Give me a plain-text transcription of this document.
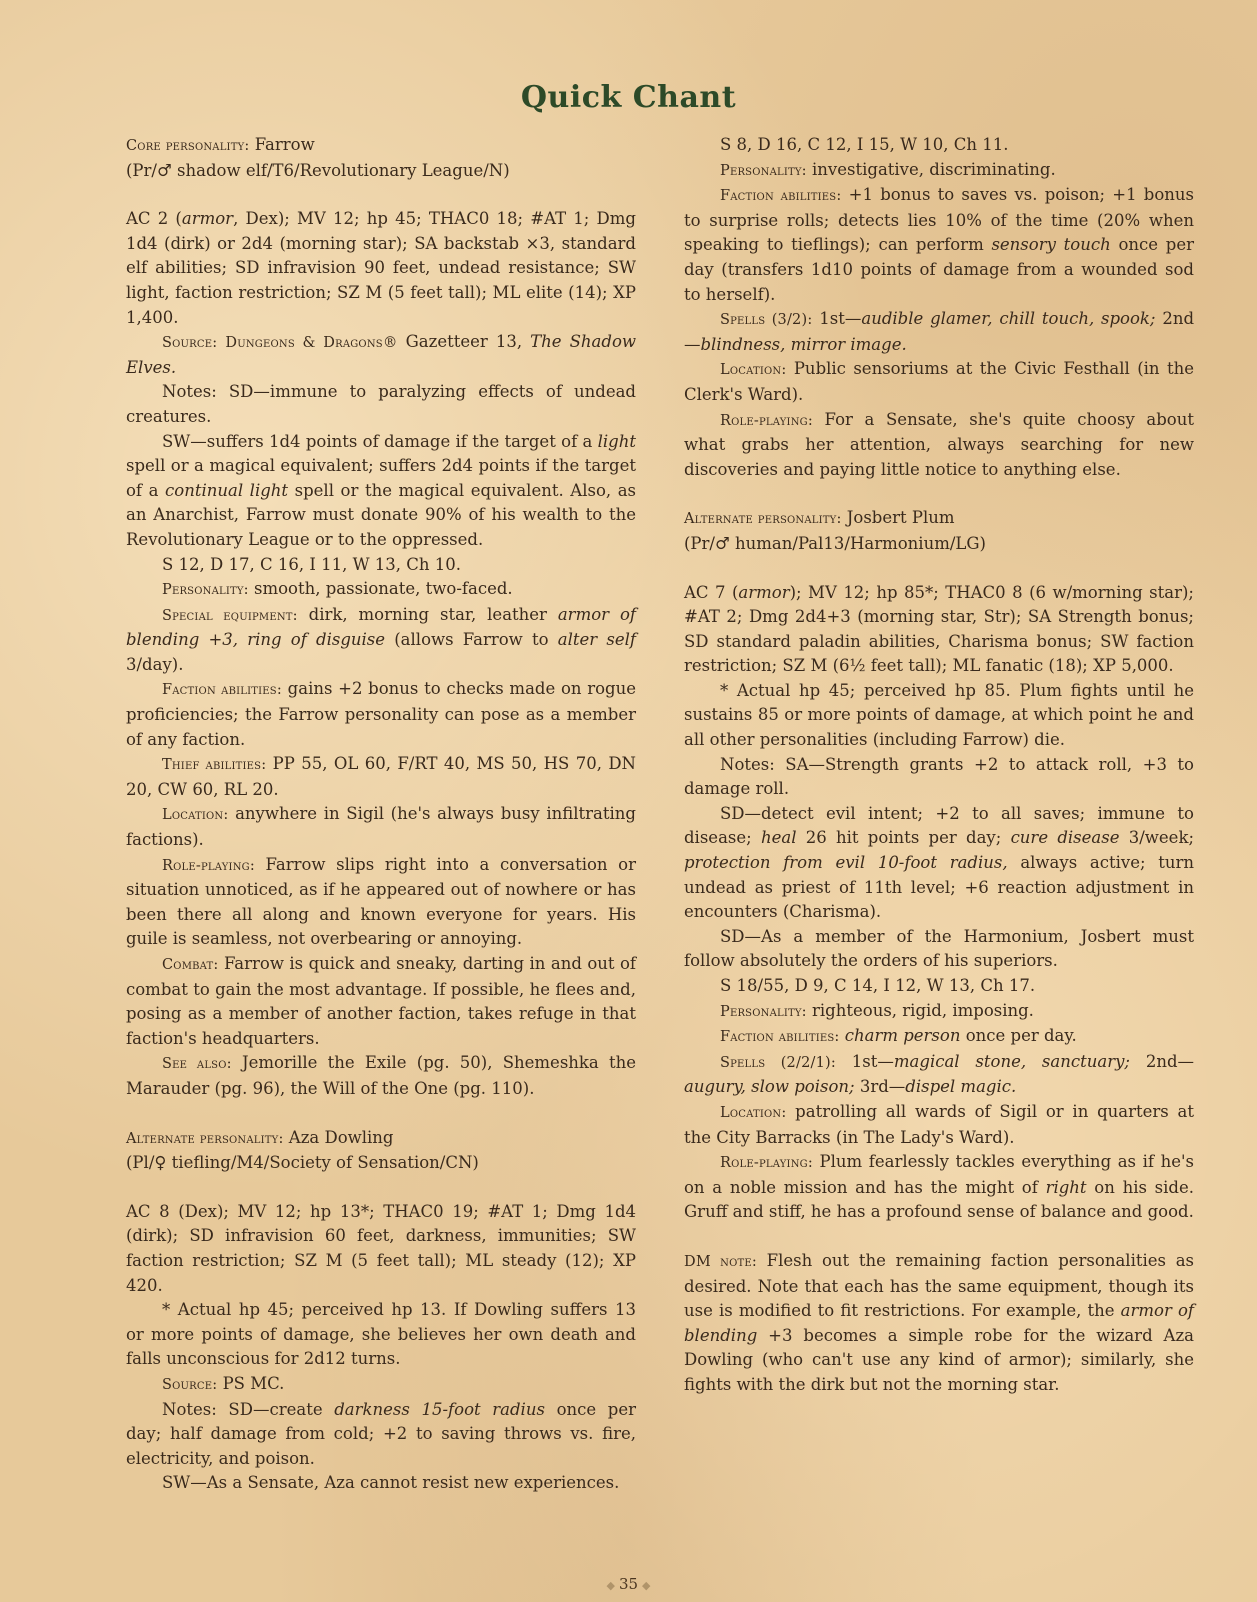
Quick Chant

Core personality: Farrow

(Pr/♂ shadow elf/T6/Revolutionary League/N)

AC 2 (armor, Dex); MV 12; hp 45; THAC0 18; #AT 1; Dmg 1d4 (dirk) or 2d4 (morning star); SA backstab ×3, standard elf abilities; SD infravision 90 feet, undead resistance; SW light, faction restriction; SZ M (5 feet tall); ML elite (14); XP 1,400.

Source: Dungeons & Dragons® Gazetteer 13, The Shadow Elves.

Notes: SD—immune to paralyzing effects of undead creatures.

SW—suffers 1d4 points of damage if the target of a light spell or a magical equivalent; suffers 2d4 points if the target of a continual light spell or the magical equivalent. Also, as an Anarchist, Farrow must donate 90% of his wealth to the Revolutionary League or to the oppressed.

S 12, D 17, C 16, I 11, W 13, Ch 10.

Personality: smooth, passionate, two-faced.

Special equipment: dirk, morning star, leather armor of blending +3, ring of disguise (allows Farrow to alter self 3/day).

Faction abilities: gains +2 bonus to checks made on rogue proficiencies; the Farrow personality can pose as a member of any faction.

Thief abilities: PP 55, OL 60, F/RT 40, MS 50, HS 70, DN 20, CW 60, RL 20.

Location: anywhere in Sigil (he's always busy infiltrating factions).

Role-playing: Farrow slips right into a conversation or situation unnoticed, as if he appeared out of nowhere or has been there all along and known everyone for years. His guile is seamless, not overbearing or annoying.

Combat: Farrow is quick and sneaky, darting in and out of combat to gain the most advantage. If possible, he flees and, posing as a member of another faction, takes refuge in that faction's headquarters.

See also: Jemorille the Exile (pg. 50), Shemeshka the Marauder (pg. 96), the Will of the One (pg. 110).

Alternate personality: Aza Dowling

(Pl/♀ tiefling/M4/Society of Sensation/CN)

AC 8 (Dex); MV 12; hp 13*; THAC0 19; #AT 1; Dmg 1d4 (dirk); SD infravision 60 feet, darkness, immunities; SW faction restriction; SZ M (5 feet tall); ML steady (12); XP 420.

* Actual hp 45; perceived hp 13. If Dowling suffers 13 or more points of damage, she believes her own death and falls unconscious for 2d12 turns.

Source: PS MC.

Notes: SD—create darkness 15-foot radius once per day; half damage from cold; +2 to saving throws vs. fire, electricity, and poison.

SW—As a Sensate, Aza cannot resist new experiences.

S 8, D 16, C 12, I 15, W 10, Ch 11.

Personality: investigative, discriminating.

Faction abilities: +1 bonus to saves vs. poison; +1 bonus to surprise rolls; detects lies 10% of the time (20% when speaking to tieflings); can perform sensory touch once per day (transfers 1d10 points of damage from a wounded sod to herself).

Spells (3/2): 1st—audible glamer, chill touch, spook; 2nd—blindness, mirror image.

Location: Public sensoriums at the Civic Festhall (in the Clerk's Ward).

Role-playing: For a Sensate, she's quite choosy about what grabs her attention, always searching for new discoveries and paying little notice to anything else.

Alternate personality: Josbert Plum

(Pr/♂ human/Pal13/Harmonium/LG)

AC 7 (armor); MV 12; hp 85*; THAC0 8 (6 w/morning star); #AT 2; Dmg 2d4+3 (morning star, Str); SA Strength bonus; SD standard paladin abilities, Charisma bonus; SW faction restriction; SZ M (6½ feet tall); ML fanatic (18); XP 5,000.

* Actual hp 45; perceived hp 85. Plum fights until he sustains 85 or more points of damage, at which point he and all other personalities (including Farrow) die.

Notes: SA—Strength grants +2 to attack roll, +3 to damage roll.

SD—detect evil intent; +2 to all saves; immune to disease; heal 26 hit points per day; cure disease 3/week; protection from evil 10-foot radius, always active; turn undead as priest of 11th level; +6 reaction adjustment in encounters (Charisma).

SD—As a member of the Harmonium, Josbert must follow absolutely the orders of his superiors.

S 18/55, D 9, C 14, I 12, W 13, Ch 17.

Personality: righteous, rigid, imposing.

Faction abilities: charm person once per day.

Spells (2/2/1): 1st—magical stone, sanctuary; 2nd—augury, slow poison; 3rd—dispel magic.

Location: patrolling all wards of Sigil or in quarters at the City Barracks (in The Lady's Ward).

Role-playing: Plum fearlessly tackles everything as if he's on a noble mission and has the might of right on his side. Gruff and stiff, he has a profound sense of balance and good.

DM note: Flesh out the remaining faction personalities as desired. Note that each has the same equipment, though its use is modified to fit restrictions. For example, the armor of blending +3 becomes a simple robe for the wizard Aza Dowling (who can't use any kind of armor); similarly, she fights with the dirk but not the morning star.

◆ 35 ◆
